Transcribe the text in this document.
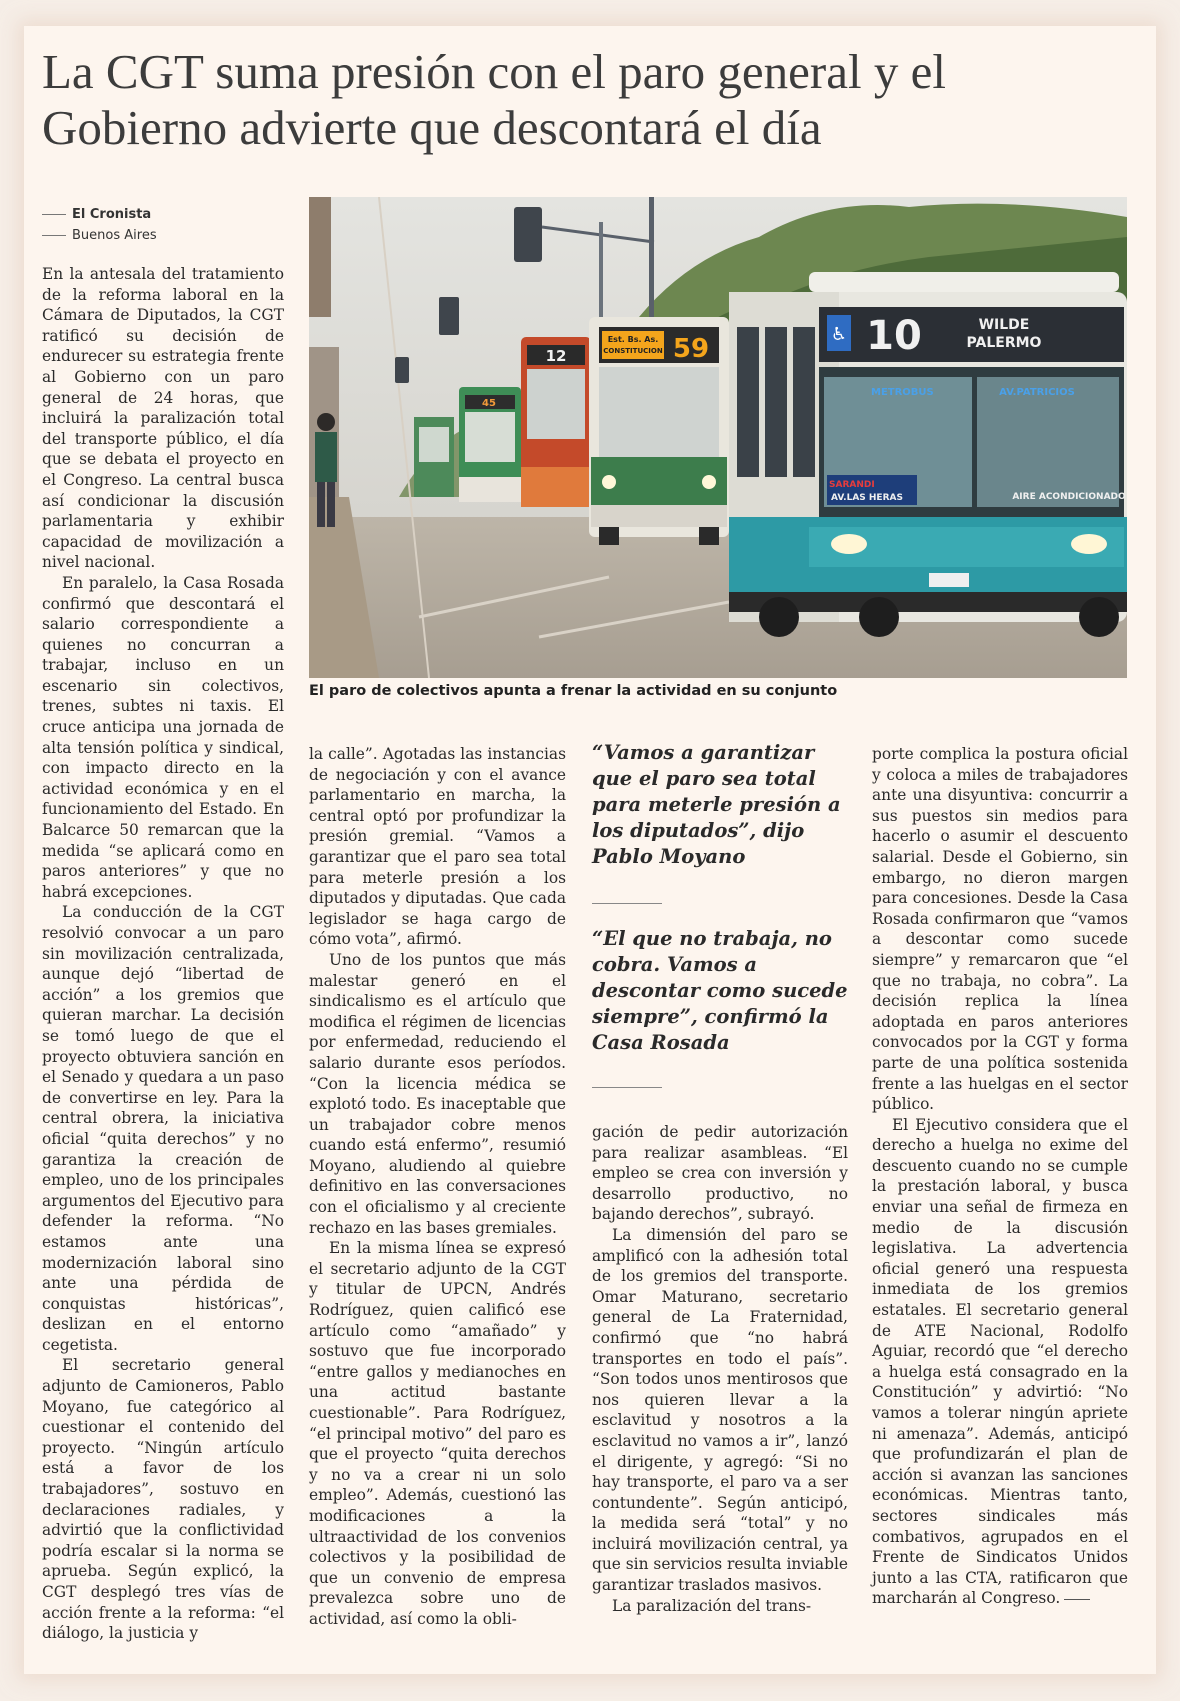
La CGT suma presión con el paro general y el Gobierno advierte que descontará el día
El Cronista
Buenos Aires

En la antesala del tratamiento de la reforma laboral en la Cámara de Diputados, la CGT ratificó su decisión de endurecer su estrategia frente al Gobierno con un paro general de 24 horas, que incluirá la paralización total del transporte público, el día que se debata el proyecto en el Congreso. La central busca así condicionar la discusión parlamentaria y exhibir capacidad de movilización a nivel nacional.

En paralelo, la Casa Rosada confirmó que descontará el salario correspondiente a quienes no concurran a trabajar, incluso en un escenario sin colectivos, trenes, subtes ni taxis. El cruce anticipa una jornada de alta tensión política y sindical, con impacto directo en la actividad económica y en el funcionamiento del Estado. En Balcarce 50 remarcan que la medida “se aplicará como en paros anteriores” y que no habrá excepciones.

La conducción de la CGT resolvió convocar a un paro sin movilización centralizada, aunque dejó “libertad de acción” a los gremios que quieran marchar. La decisión se tomó luego de que el proyecto obtuviera sanción en el Senado y quedara a un paso de convertirse en ley. Para la central obrera, la iniciativa oficial “quita derechos” y no garantiza la creación de empleo, uno de los principales argumentos del Ejecutivo para defender la reforma. “No estamos ante una modernización laboral sino ante una pérdida de conquistas históricas”, deslizan en el entorno cegetista.

El secretario general adjunto de Camioneros, Pablo Moyano, fue categórico al cuestionar el contenido del proyecto. “Ningún artículo está a favor de los trabajadores”, sostuvo en declaraciones radiales, y advirtió que la conflictividad podría escalar si la norma se aprueba. Según explicó, la CGT desplegó tres vías de acción frente a la reforma: “el diálogo, la justicia y

45
12
Est. Bs. As.
CONSTITUCION 59	♿ 10	WILDE
PALERMO
METROBUS	AV.PATRICIOS
SARANDI
AV.LAS HERAS	AIRE ACONDICIONADO
El paro de colectivos apunta a frenar la actividad en su conjunto

la calle”. Agotadas las instancias de negociación y con el avance parlamentario en marcha, la central optó por profundizar la presión gremial. “Vamos a garantizar que el paro sea total para meterle presión a los diputados y diputadas. Que cada legislador se haga cargo de cómo vota”, afirmó.

Uno de los puntos que más malestar generó en el sindicalismo es el artículo que modifica el régimen de licencias por enfermedad, reduciendo el salario durante esos períodos. “Con la licencia médica se explotó todo. Es inaceptable que un trabajador cobre menos cuando está enfermo”, resumió Moyano, aludiendo al quiebre definitivo en las conversaciones con el oficialismo y al creciente rechazo en las bases gremiales.

En la misma línea se expresó el secretario adjunto de la CGT y titular de UPCN, Andrés Rodríguez, quien calificó ese artículo como “amañado” y sostuvo que fue incorporado “entre gallos y medianoches en una actitud bastante cuestionable”. Para Rodríguez, “el principal motivo” del paro es que el proyecto “quita derechos y no va a crear ni un solo empleo”. Además, cuestionó las modificaciones a la ultraactividad de los convenios colectivos y la posibilidad de que un convenio de empresa prevalezca sobre uno de actividad, así como la obli-

“Vamos a garantizar que el paro sea total para meterle presión a los diputados”, dijo Pablo Moyano
“El que no trabaja, no cobra. Vamos a descontar como sucede siempre”, confirmó la Casa Rosada

gación de pedir autorización para realizar asambleas. “El empleo se crea con inversión y desarrollo productivo, no bajando derechos”, subrayó.

La dimensión del paro se amplificó con la adhesión total de los gremios del transporte. Omar Maturano, secretario general de La Fraternidad, confirmó que “no habrá transportes en todo el país”. “Son todos unos mentirosos que nos quieren llevar a la esclavitud y nosotros a la esclavitud no vamos a ir”, lanzó el dirigente, y agregó: “Si no hay transporte, el paro va a ser contundente”. Según anticipó, la medida será “total” y no incluirá movilización central, ya que sin servicios resulta inviable garantizar traslados masivos.

La paralización del trans-

porte complica la postura oficial y coloca a miles de trabajadores ante una disyuntiva: concurrir a sus puestos sin medios para hacerlo o asumir el descuento salarial. Desde el Gobierno, sin embargo, no dieron margen para concesiones. Desde la Casa Rosada confirmaron que “vamos a descontar como sucede siempre” y remarcaron que “el que no trabaja, no cobra”. La decisión replica la línea adoptada en paros anteriores convocados por la CGT y forma parte de una política sostenida frente a las huelgas en el sector público.

El Ejecutivo considera que el derecho a huelga no exime del descuento cuando no se cumple la prestación laboral, y busca enviar una señal de firmeza en medio de la discusión legislativa. La advertencia oficial generó una respuesta inmediata de los gremios estatales. El secretario general de ATE Nacional, Rodolfo Aguiar, recordó que “el derecho a huelga está consagrado en la Constitución” y advirtió: “No vamos a tolerar ningún apriete ni amenaza”. Además, anticipó que profundizarán el plan de acción si avanzan las sanciones económicas. Mientras tanto, sectores sindicales más combativos, agrupados en el Frente de Sindicatos Unidos junto a las CTA, ratificaron que marcharán al Congreso.
